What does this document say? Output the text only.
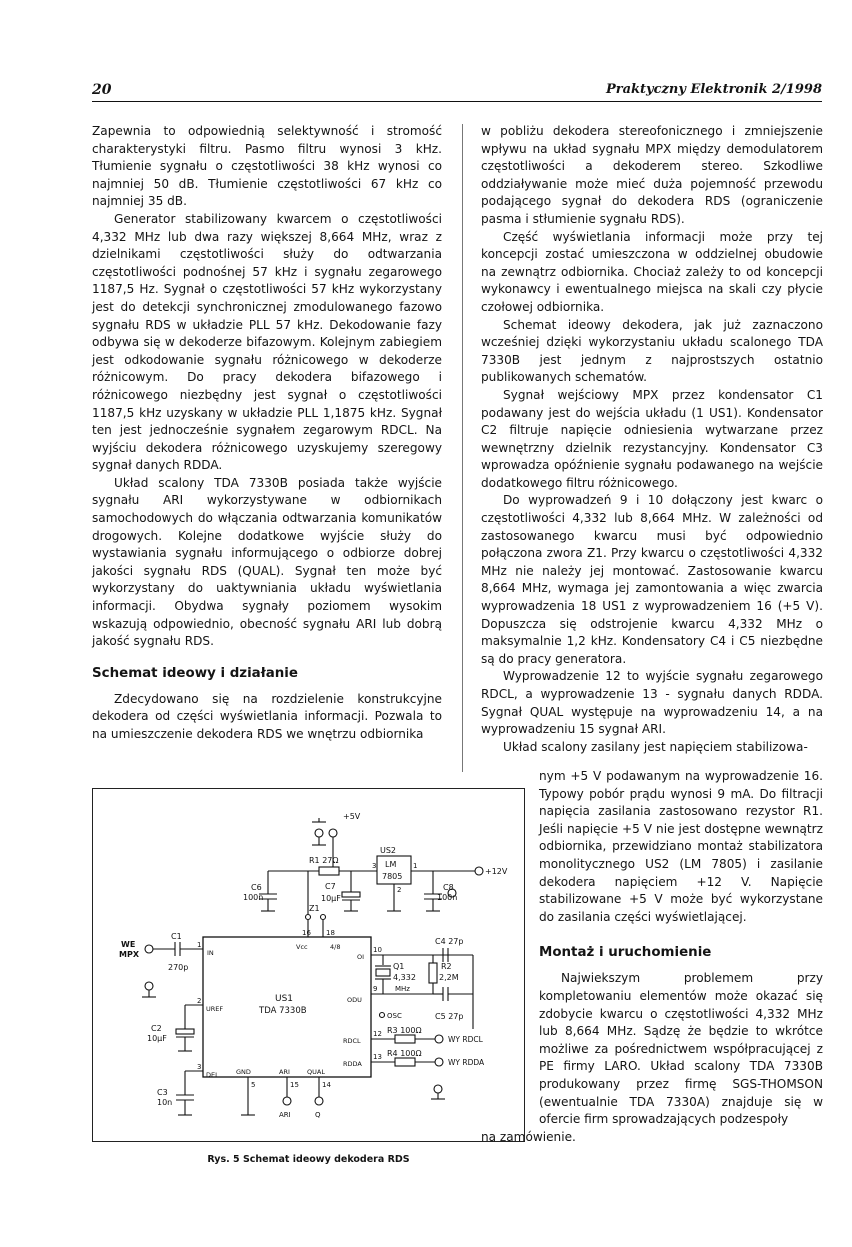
20	Praktyczny Elektronik 2/1998

Zapewnia to odpowiednią selektywność i stromość charakterystyki filtru. Pasmo filtru wynosi 3 kHz. Tłumienie sygnału o częstotliwości 38 kHz wynosi co najmniej 50 dB. Tłumienie częstotliwości 67 kHz co najmniej 35 dB.

Generator stabilizowany kwarcem o częstotliwości 4,332 MHz lub dwa razy większej 8,664 MHz, wraz z dzielnikami częstotliwości służy do odtwarzania częstotliwości podnośnej 57 kHz i sygnału zegarowego 1187,5 Hz. Sygnał o częstotliwości 57 kHz wykorzystany jest do detekcji synchronicznej zmodulowanego fazowo sygnału RDS w układzie PLL 57 kHz. Dekodowanie fazy odbywa się w dekoderze bifazowym. Kolejnym zabiegiem jest odkodowanie sygnału różnicowego w dekoderze różnicowym. Do pracy dekodera bifazowego i różnicowego niezbędny jest sygnał o częstotliwości 1187,5 kHz uzyskany w układzie PLL 1,1875 kHz. Sygnał ten jest jednocześnie sygnałem zegarowym RDCL. Na wyjściu dekodera różnicowego uzyskujemy szeregowy sygnał danych RDDA.

Układ scalony TDA 7330B posiada także wyjście sygnału ARI wykorzystywane w odbiornikach samochodowych do włączania odtwarzania komunikatów drogowych. Kolejne dodatkowe wyjście służy do wystawiania sygnału informującego o odbiorze dobrej jakości sygnału RDS (QUAL). Sygnał ten może być wykorzystany do uaktywniania układu wyświetlania informacji. Obydwa sygnały poziomem wysokim wskazują odpowiednio, obecność sygnału ARI lub dobrą jakość sygnału RDS.

Schemat ideowy i działanie

Zdecydowano się na rozdzielenie konstrukcyjne dekodera od części wyświetlania informacji. Pozwala to na umieszczenie dekodera RDS we wnętrzu odbiornika

w pobliżu dekodera stereofonicznego i zmniejszenie wpływu na układ sygnału MPX między demodulatorem częstotliwości a dekoderem stereo. Szkodliwe oddziaływanie może mieć duża pojemność przewodu podającego sygnał do dekodera RDS (ograniczenie pasma i stłumienie sygnału RDS).

Część wyświetlania informacji może przy tej koncepcji zostać umieszczona w oddzielnej obudowie na zewnątrz odbiornika. Chociaż zależy to od koncepcji wykonawcy i ewentualnego miejsca na skali czy płycie czołowej odbiornika.

Schemat ideowy dekodera, jak już zaznaczono wcześniej dzięki wykorzystaniu układu scalonego TDA 7330B jest jednym z najprostszych ostatnio publikowanych schematów.

Sygnał wejściowy MPX przez kondensator C1 podawany jest do wejścia układu (1 US1). Kondensator C2 filtruje napięcie odniesienia wytwarzane przez wewnętrzny dzielnik rezystancyjny. Kondensator C3 wprowadza opóźnienie sygnału podawanego na wejście dodatkowego filtru różnicowego.

Do wyprowadzeń 9 i 10 dołączony jest kwarc o częstotliwości 4,332 lub 8,664 MHz. W zależności od zastosowanego kwarcu musi być odpowiednio połączona zwora Z1. Przy kwarcu o częstotliwości 4,332 MHz nie należy jej montować. Zastosowanie kwarcu 8,664 MHz, wymaga jej zamontowania a więc zwarcia wyprowadzenia 18 US1 z wyprowadzeniem 16 (+5 V). Dopuszcza się odstrojenie kwarcu 4,332 MHz o maksymalnie 1,2 kHz. Kondensatory C4 i C5 niezbędne są do pracy generatora.

Wyprowadzenie 12 to wyjście sygnału zegarowego RDCL, a wyprowadzenie 13 - sygnału danych RDDA. Sygnał QUAL występuje na wyprowadzeniu 14, a na wyprowadzeniu 15 sygnał ARI.

Układ scalony zasilany jest napięciem stabilizowa-

nym +5 V podawanym na wyprowadzenie 16. Typowy pobór prądu wynosi 9 mA. Do filtracji napięcia zasilania zastosowano rezystor R1. Jeśli napięcie +5 V nie jest dostępne wewnątrz odbiornika, przewidziano montaż stabilizatora monolitycznego US2 (LM 7805) i zasilanie dekodera napięciem +12 V. Napięcie stabilizowane +5 V może być wykorzystane do zasilania części wyświetlającej.

Montaż i uruchomienie

Najwiekszym problemem przy kompletowaniu elementów może okazać się zdobycie kwarcu o częstotliwości 4,332 MHz lub 8,664 MHz. Sądzę że będzie to wkrótce możliwe za pośrednictwem współpracującej z PE firmy LARO. Układ scalony TDA 7330B produkowany przez firmę SGS-THOMSON (ewentualnie TDA 7330A) znajduje się w ofercie firm sprowadzających podzespoły

na zamówienie.

+5V
+12V
US2
LM
7805
3	1
2
R1 27Ω
C6
100n
C7
10μF
C8
100n
Z1
C1
270p
WE
MPX
C2
10μF
C3
10n
C4 27p
C5 27p
Q1
4,332
MHz
R2
2,2M
R3 100Ω
R4 100Ω
US1
TDA 7330B
IN
UREF
DEL
Vcc	4/8
OI
ODU
OSC
RDCL
RDDA
GND	ARI	QUAL
WY RDCL
WY RDDA
ARI	Q
1
2
3
5	15	14
10
9
12
13
16 18
Rys. 5 Schemat ideowy dekodera RDS
